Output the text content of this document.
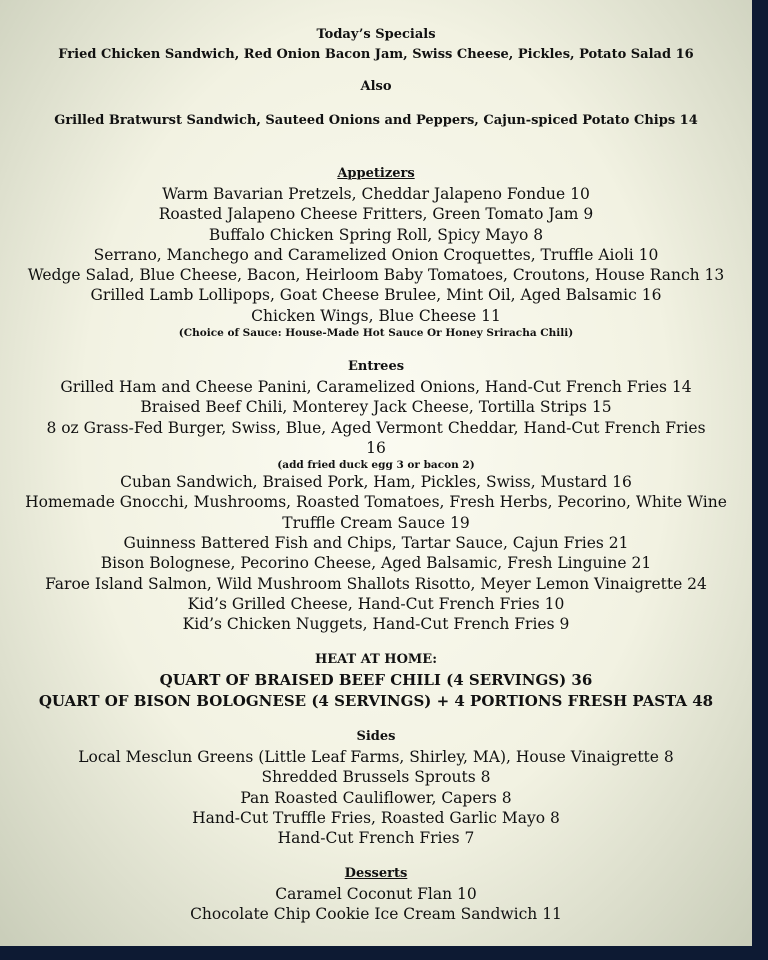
Today’s Specials
Fried Chicken Sandwich, Red Onion Bacon Jam, Swiss Cheese, Pickles, Potato Salad 16
Also
Grilled Bratwurst Sandwich, Sauteed Onions and Peppers, Cajun-spiced Potato Chips 14
Appetizers
Warm Bavarian Pretzels, Cheddar Jalapeno Fondue 10
Roasted Jalapeno Cheese Fritters, Green Tomato Jam 9
Buffalo Chicken Spring Roll, Spicy Mayo 8
Serrano, Manchego and Caramelized Onion Croquettes, Truffle Aioli 10
Wedge Salad, Blue Cheese, Bacon, Heirloom Baby Tomatoes, Croutons, House Ranch 13
Grilled Lamb Lollipops, Goat Cheese Brulee, Mint Oil, Aged Balsamic 16
Chicken Wings, Blue Cheese 11
(Choice of Sauce: House-Made Hot Sauce Or Honey Sriracha Chili)
Entrees
Grilled Ham and Cheese Panini, Caramelized Onions, Hand-Cut French Fries 14
Braised Beef Chili, Monterey Jack Cheese, Tortilla Strips 15
8 oz Grass-Fed Burger, Swiss, Blue, Aged Vermont Cheddar, Hand-Cut French Fries
16
(add fried duck egg 3 or bacon 2)
Cuban Sandwich, Braised Pork, Ham, Pickles, Swiss, Mustard 16
Homemade Gnocchi, Mushrooms, Roasted Tomatoes, Fresh Herbs, Pecorino, White Wine
Truffle Cream Sauce 19
Guinness Battered Fish and Chips, Tartar Sauce, Cajun Fries 21
Bison Bolognese, Pecorino Cheese, Aged Balsamic, Fresh Linguine 21
Faroe Island Salmon, Wild Mushroom Shallots Risotto, Meyer Lemon Vinaigrette 24
Kid’s Grilled Cheese, Hand-Cut French Fries 10
Kid’s Chicken Nuggets, Hand-Cut French Fries 9
HEAT AT HOME:
QUART OF BRAISED BEEF CHILI (4 SERVINGS) 36
QUART OF BISON BOLOGNESE (4 SERVINGS) + 4 PORTIONS FRESH PASTA 48
Sides
Local Mesclun Greens (Little Leaf Farms, Shirley, MA), House Vinaigrette 8
Shredded Brussels Sprouts 8
Pan Roasted Cauliflower, Capers 8
Hand-Cut Truffle Fries, Roasted Garlic Mayo 8
Hand-Cut French Fries 7
Desserts
Caramel Coconut Flan 10
Chocolate Chip Cookie Ice Cream Sandwich 11
